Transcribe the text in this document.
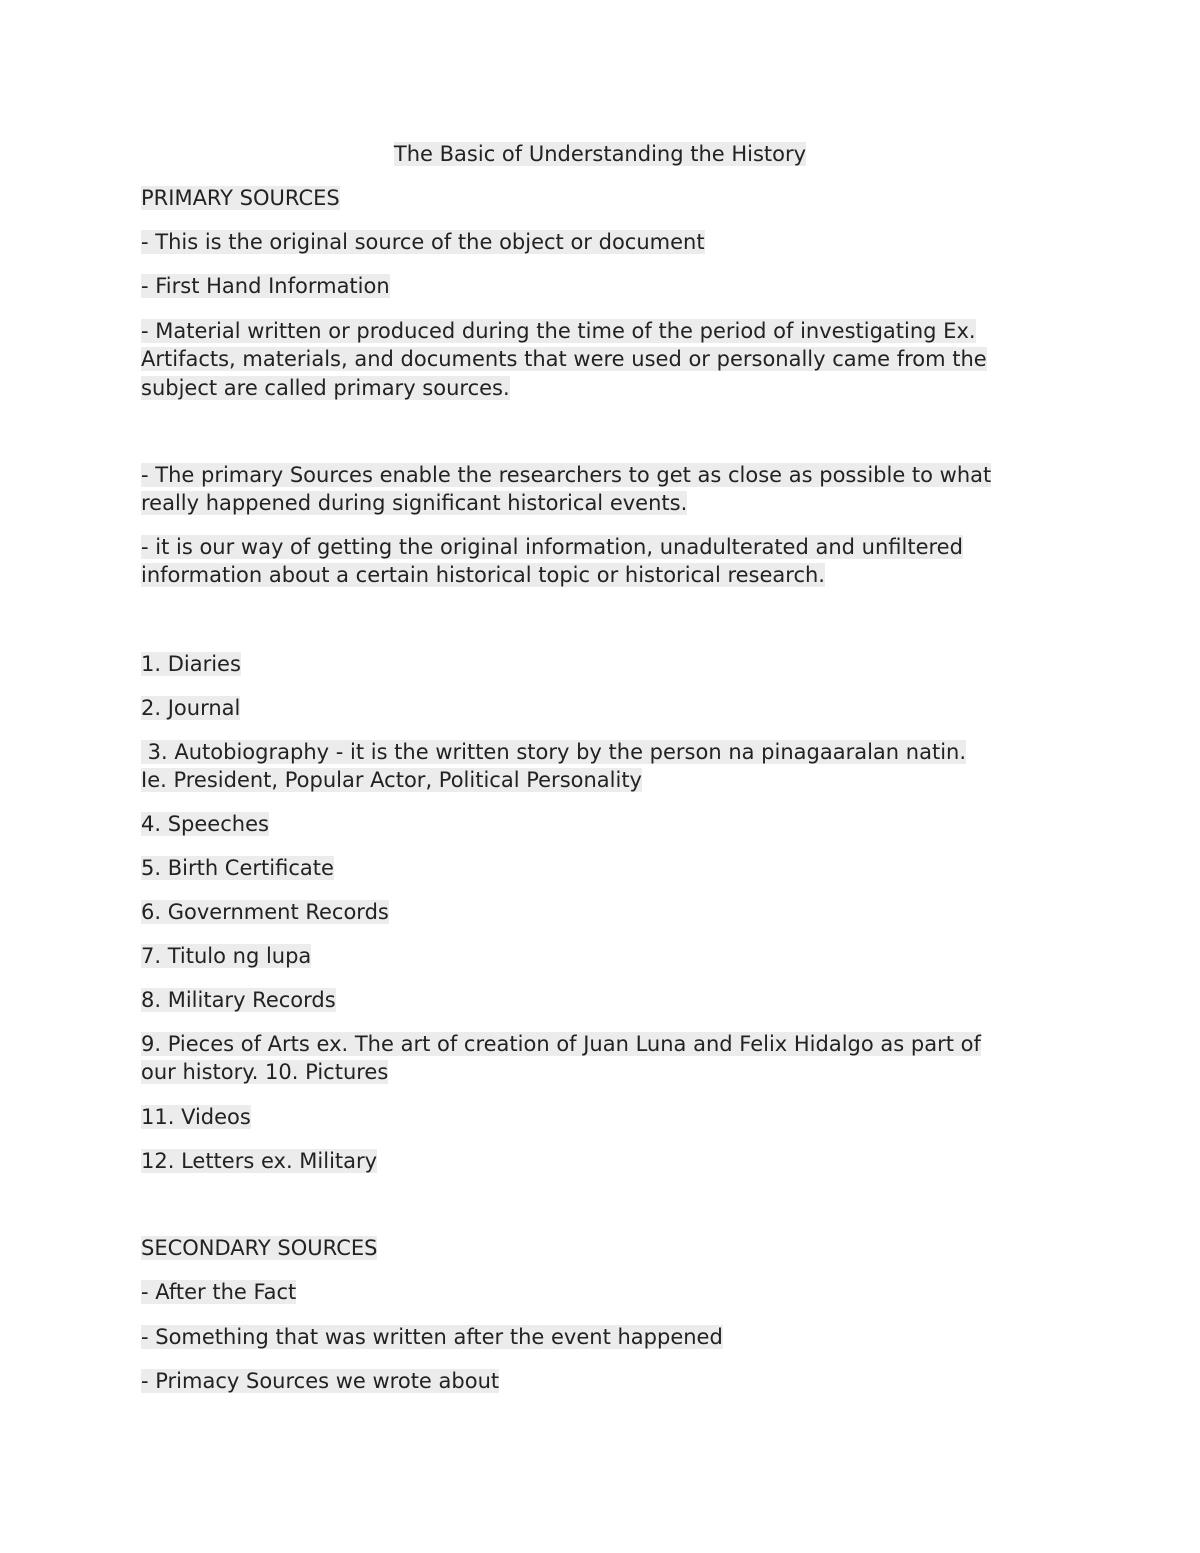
The Basic of Understanding the History
PRIMARY SOURCES
- This is the original source of the object or document
- First Hand Information
- Material written or produced during the time of the period of investigating Ex.
Artifacts, materials, and documents that were used or personally came from the
subject are called primary sources.
- The primary Sources enable the researchers to get as close as possible to what
really happened during significant historical events.
- it is our way of getting the original information, unadulterated and unfiltered
information about a certain historical topic or historical research.
1. Diaries
2. Journal
3. Autobiography - it is the written story by the person na pinagaaralan natin.
Ie. President, Popular Actor, Political Personality
4. Speeches
5. Birth Certificate
6. Government Records
7. Titulo ng lupa
8. Military Records
9. Pieces of Arts ex. The art of creation of Juan Luna and Felix Hidalgo as part of
our history. 10. Pictures
11. Videos
12. Letters ex. Military
SECONDARY SOURCES
- After the Fact
- Something that was written after the event happened
- Primacy Sources we wrote about
